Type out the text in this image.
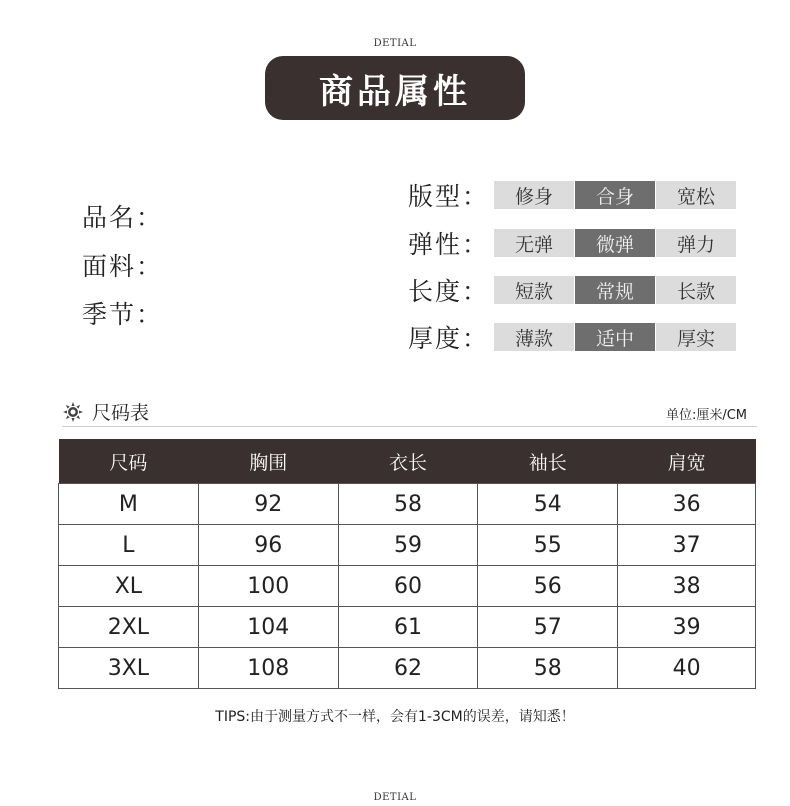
DETIAL
商品属性
品名：
面料：
季节：
版型：	修身	合身	宽松
弹性：	无弹	微弹	弹力
长度：	短款	常规	长款
厚度：	薄款	适中	厚实
尺码表	单位:厘米/CM
尺码	胸围	衣长	袖长	肩宽
M	92	58	54	36
L	96	59	55	37
XL	100	60	56	38
2XL	104	61	57	39
3XL	108	62	58	40
TIPS:由于测量方式不一样，会有1-3CM的误差，请知悉！
DETIAL
